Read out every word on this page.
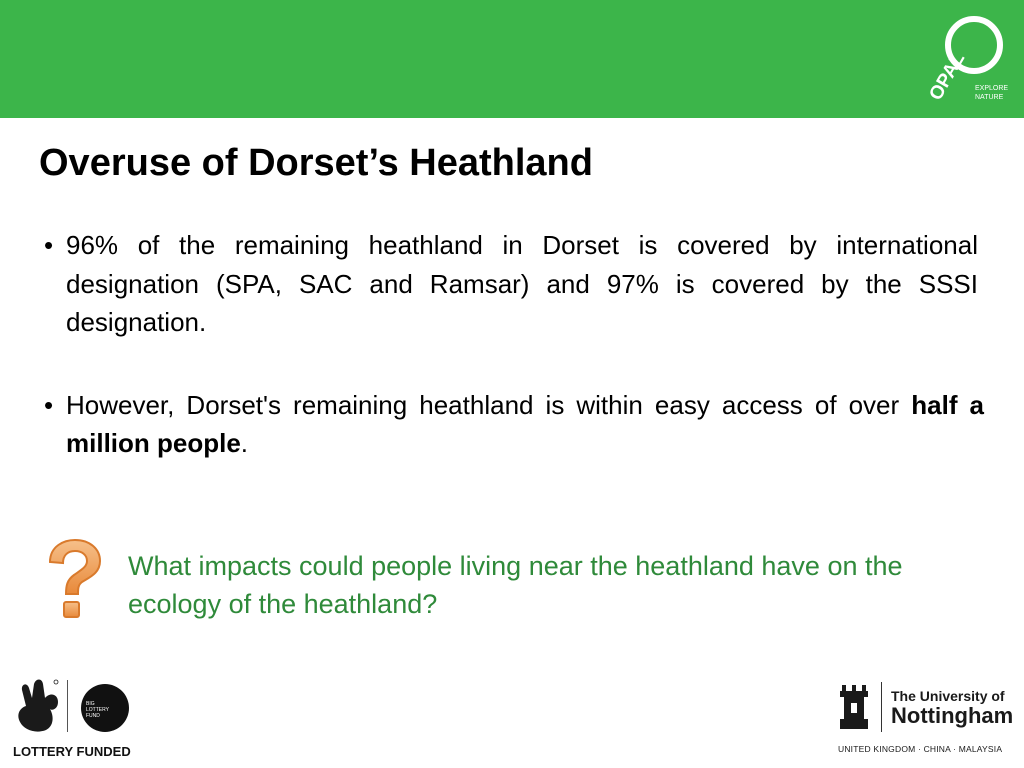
OPAL EXPLORE
NATURE
Overuse of Dorset’s Heathland
• 96% of the remaining heathland in Dorset is covered by international designation (SPA, SAC and Ramsar) and 97% is covered by the SSSI designation.
• However, Dorset's remaining heathland is within easy access of over half a million people.

What impacts could people living near the heathland have on the ecology of the heathland?

BIG
LOTTERY
FUND
LOTTERY FUNDED
The University of
Nottingham
UNITED KINGDOM · CHINA · MALAYSIA
